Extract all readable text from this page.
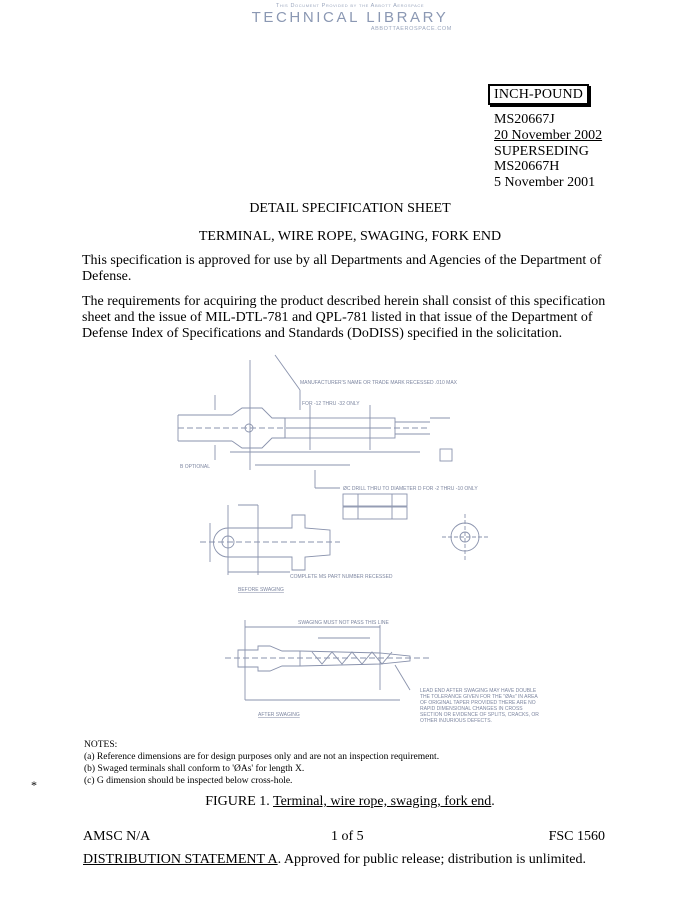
This Document Provided by the Abbott Aerospace
TECHNICAL LIBRARY
ABBOTTAEROSPACE.COM
INCH-POUND
MS20667J
20 November 2002
SUPERSEDING
MS20667H
5 November 2001
DETAIL SPECIFICATION SHEET
TERMINAL, WIRE ROPE, SWAGING, FORK END
This specification is approved for use by all Departments and Agencies of the Department of Defense.
The requirements for acquiring the product described herein shall consist of this specification sheet and the issue of MIL-DTL-781 and QPL-781 listed in that issue of the Department of Defense Index of Specifications and Standards (DoDISS) specified in the solicitation.
MANUFACTURER'S NAME OR TRADE MARK RECESSED .010 MAX
FOR -12 THRU -32 ONLY
B OPTIONAL
ØC DRILL THRU TO DIAMETER D FOR -2 THRU -10 ONLY
COMPLETE MS PART NUMBER RECESSED
BEFORE SWAGING
SWAGING MUST NOT PASS THIS LINE
AFTER SWAGING
LEAD END AFTER SWAGING MAY HAVE DOUBLE THE TOLERANCE GIVEN FOR THE "ØAs" IN AREA OF ORIGINAL TAPER PROVIDED THERE ARE NO RAPID DIMENSIONAL CHANGES IN CROSS SECTION OR EVIDENCE OF SPLITS, CRACKS, OR OTHER INJURIOUS DEFECTS.
NOTES:
(a) Reference dimensions are for design purposes only and are not an inspection requirement.
(b) Swaged terminals shall conform to 'ØAs' for length X.
(c) G dimension should be inspected below cross-hole.
*
FIGURE 1. Terminal, wire rope, swaging, fork end.
AMSC N/A	1 of 5	FSC 1560
DISTRIBUTION STATEMENT A. Approved for public release; distribution is unlimited.
